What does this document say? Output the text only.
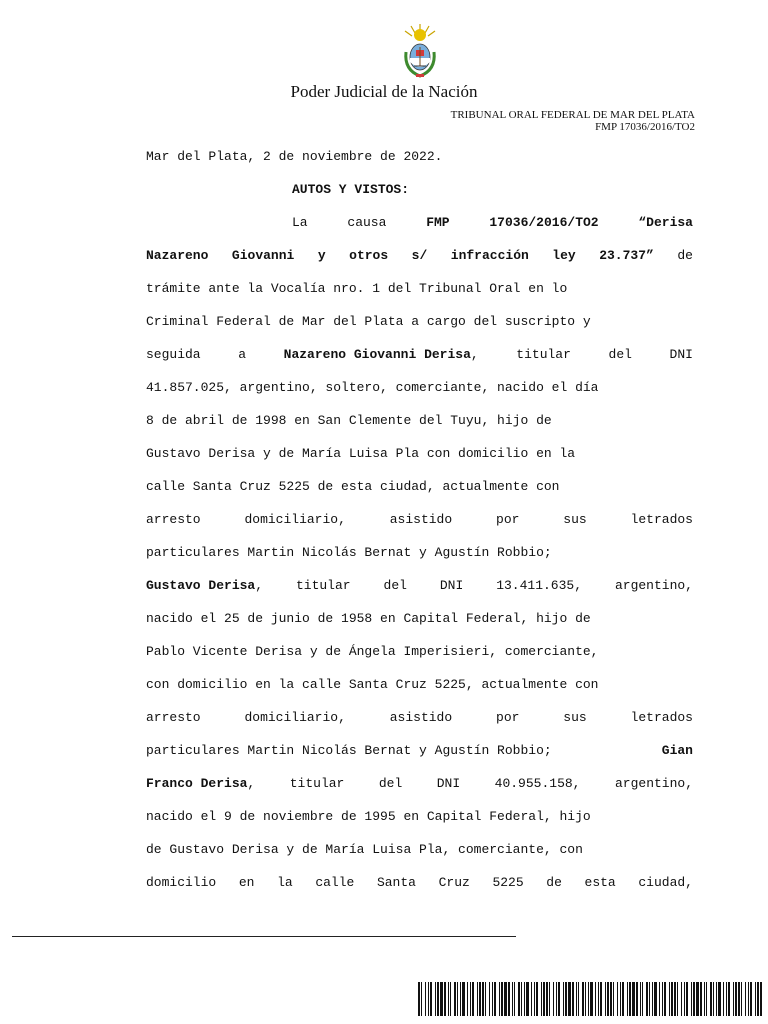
Poder Judicial de la Nación
TRIBUNAL ORAL FEDERAL DE MAR DEL PLATA
FMP 17036/2016/TO2
Mar del Plata, 2 de noviembre de 2022.
AUTOS Y VISTOS:
La	causa	FMP	17036/2016/TO2	“Derisa
Nazareno Giovanni y otros s/ infracción ley 23.737” de
trámite ante la Vocalía nro. 1 del Tribunal Oral en lo
Criminal Federal de Mar del Plata a cargo del suscripto y
seguida	a	Nazareno Giovanni Derisa,	titular	del	DNI
41.857.025, argentino, soltero, comerciante, nacido el día
8 de abril de 1998 en San Clemente del Tuyu, hijo de
Gustavo Derisa y de María Luisa Pla con domicilio en la
calle Santa Cruz 5225 de esta ciudad, actualmente con
arresto	domiciliario,	asistido	por	sus	letrados
particulares Martin Nicolás Bernat y Agustín Robbio;
Gustavo Derisa,	titular	del	DNI	13.411.635,	argentino,
nacido el 25 de junio de 1958 en Capital Federal, hijo de
Pablo Vicente Derisa y de Ángela Imperisieri, comerciante,
con domicilio en la calle Santa Cruz 5225, actualmente con
arresto	domiciliario,	asistido	por	sus	letrados
particulares Martin Nicolás Bernat y Agustín Robbio;	Gian
Franco Derisa,	titular	del	DNI	40.955.158,	argentino,
nacido el 9 de noviembre de 1995 en Capital Federal, hijo
de Gustavo Derisa y de María Luisa Pla, comerciante, con
domicilio en la calle Santa Cruz 5225 de esta ciudad,
